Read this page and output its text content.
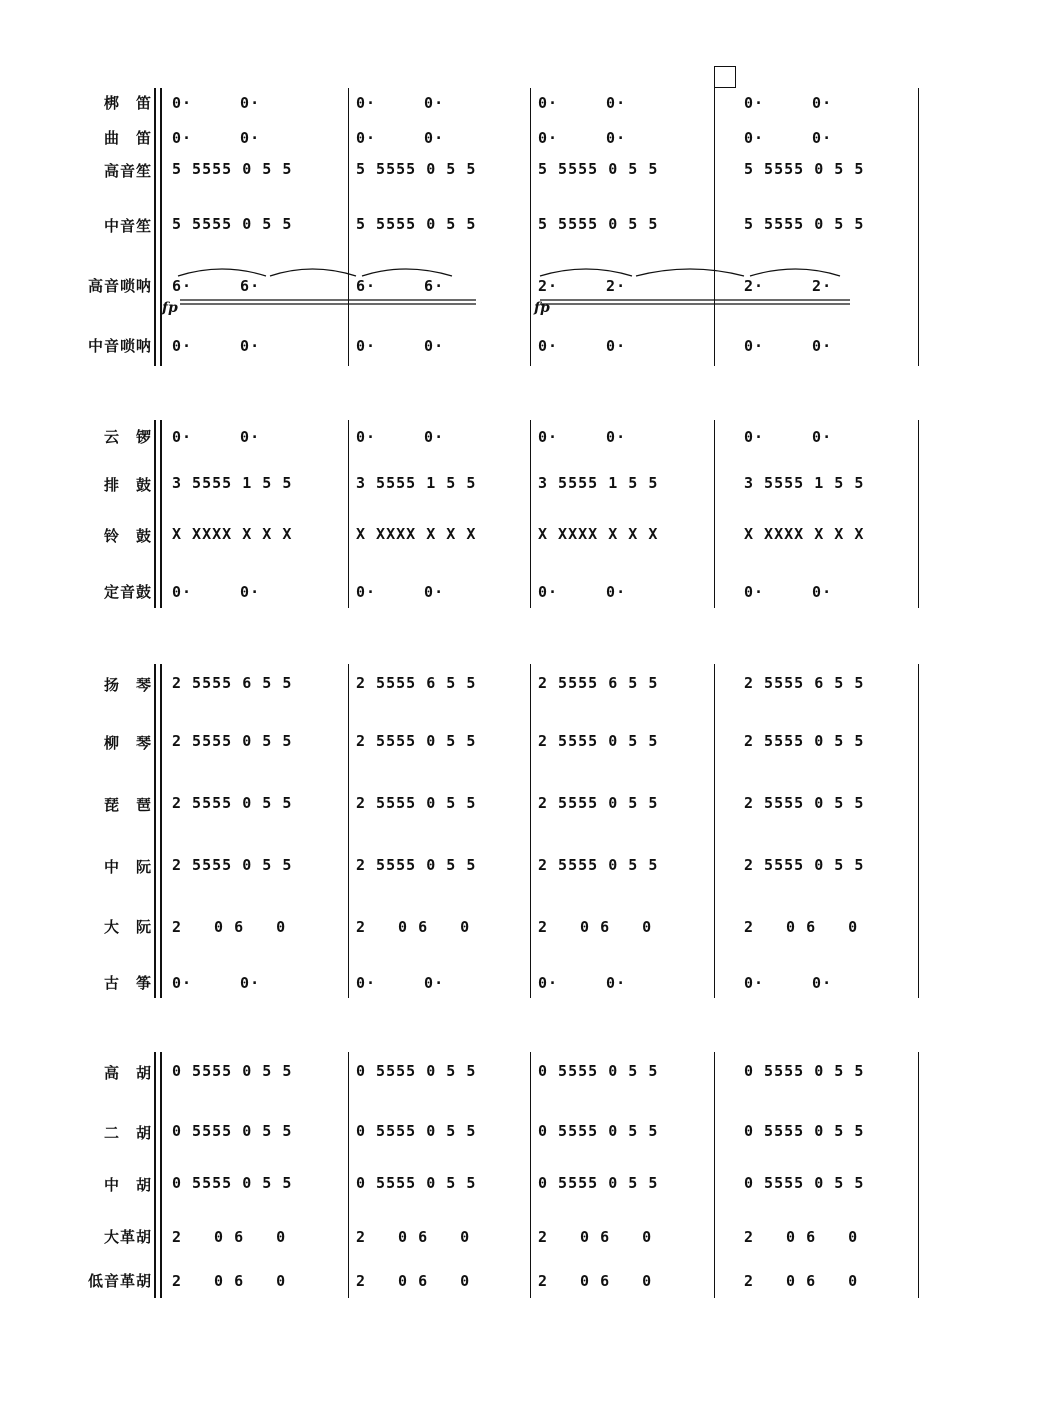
梆　笛 0·　　　0·	0·　　　0·	0·　　　0·	0·　　　0·
曲　笛 0·　　　0·	0·　　　0·	0·　　　0·	0·　　　0·
高音笙 5 5555 0 5 5	5 5555 0 5 5	5 5555 0 5 5	5 5555 0 5 5
中音笙 5 5555 0 5 5	5 5555 0 5 5	5 5555 0 5 5	5 5555 0 5 5
高音唢呐 6·　　　6·	6·　　　6·	2·　　　2·	2·　　　2·
中音唢呐 0·　　　0·	0·　　　0·	0·　　　0·	0·　　　0·
云　锣 0·　　　0·	0·　　　0·	0·　　　0·	0·　　　0·
排　鼓 3 5555 1 5 5	3 5555 1 5 5	3 5555 1 5 5	3 5555 1 5 5
铃　鼓 X XXXX X X X	X XXXX X X X	X XXXX X X X	X XXXX X X X
定音鼓 0·　　　0·	0·　　　0·	0·　　　0·	0·　　　0·
扬　琴 2 5555 6 5 5	2 5555 6 5 5	2 5555 6 5 5	2 5555 6 5 5
柳　琴 2 5555 0 5 5	2 5555 0 5 5	2 5555 0 5 5	2 5555 0 5 5
琵　琶 2 5555 0 5 5	2 5555 0 5 5	2 5555 0 5 5	2 5555 0 5 5
中　阮 2 5555 0 5 5	2 5555 0 5 5	2 5555 0 5 5	2 5555 0 5 5
大　阮 2　　0 6　　0	2　　0 6　　0	2　　0 6　　0	2　　0 6　　0
古　筝 0·　　　0·	0·　　　0·	0·　　　0·	0·　　　0·
高　胡 0 5555 0 5 5	0 5555 0 5 5	0 5555 0 5 5	0 5555 0 5 5
二　胡 0 5555 0 5 5	0 5555 0 5 5	0 5555 0 5 5	0 5555 0 5 5
中　胡 0 5555 0 5 5	0 5555 0 5 5	0 5555 0 5 5	0 5555 0 5 5
大革胡 2　　0 6　　0	2　　0 6　　0	2　　0 6　　0	2　　0 6　　0
低音革胡 2　　0 6　　0	2　　0 6　　0	2　　0 6　　0	2　　0 6　　0
fp	fp
